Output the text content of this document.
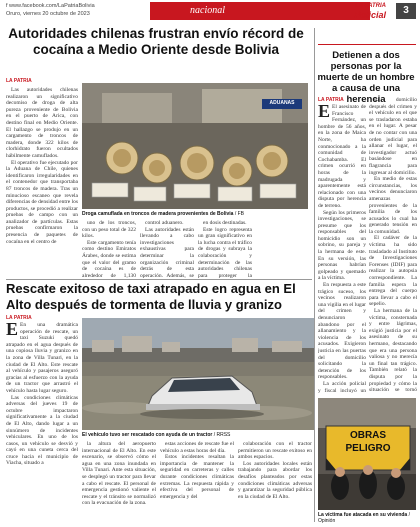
f www.facebook.com/LaPatriaBolivia
Oruro, viernes 20 octubre de 2023	nacional	LA PATRIA
Policial	3
Autoridades chilenas frustran envío récord de cocaína a Medio Oriente desde Bolivia
LA PATRIA

Las autoridades chilenas realizaron un significativo decomiso de droga de alta pureza proveniente de Bolivia en el puerto de Arica, con destino final en Medio Oriente. El hallazgo se produjo en un cargamento de troncos de madera, donde 322 kilos de clorhidrato fueron ocultados hábilmente camuflados.

El operativo fue ejecutado por la Aduana de Chile, quienes identificaron irregularidades en el contenedor que transportaba 87 troncos de madera. Tras un minucioso escaneo que revela diferencias de densidad entre los productos, se procedió a realizar pruebas de campo con un analizador de partículas. Estas pruebas confirmaron la presencia de paquetes de cocaína en el centro de

ADUANAS
Droga camuflada en troncos de madera provenientes de Bolivia / FB

uno de los troncos, con un peso total de 322 kilos.

Este cargamento tenía como destino Emiratos Árabes, donde se estima que el valor del gramo de cocaína es de alrededor de 1,130

control aduanero.

Las autoridades están llevando a cabo investigaciones exhaustivas para determinar la organización criminal detrás de esta operación. Además, se

en dosis destinadas.

Este logro representa un gran significativo en la lucha contra el tráfico de drogas y subraya la colaboración y determinación de las autoridades chilenas para proteger la

Rescate exitoso de taxi atrapado en agua en El Alto después de tormenta de lluvia y granizo
LA PATRIA

E En una dramática operación de rescate, un taxi Suzuki quedó atrapado en el agua después de una copiosa lluvia y granizo en la zona de Villa Tunari, en la ciudad de El Alto. Este rescate al vehículo y pasajeros aseguró gracias al esfuerzo con la ayuda de un tractor que arrastró el vehículo hasta lugar seguro.

Las condiciones climáticas adversas del jueves 19 de octubre impactaron significativamente a la ciudad de El Alto, dando lugar a un sinnúmero de incidentes vehiculares. En uno de los casos, un vehículo se desvió y cayó en una cuneta cerca del cruce hacia el municipio de Viacha, situado a

El vehículo tuvo ser rescatado con ayuda de un tractor / RRSS

la altura del aeropuerto internacional de El Alto. En este escenario, se observó cómo el agua en una zona inundada en Villa Tunari. Ante esta situación, se desplegó un tractor para llevar a cabo el rescate. El personal de emergencia gestionó valiente el rescate y el tránsito se normalizó con la evacuación de la zona.

estas acciones de rescate fue el vehículo a estas horas del día.

Estos incidentes resaltan la importancia de mantener la seguridad en carreteras y calles durante condiciones climáticas extremas. La respuesta rápida y efectiva del personal de emergencia y del

colaboración con el tractor permitieron un rescate exitoso en ambos espacios.

Los autoridades locales están trabajando para abordar los desafíos planteados por estas condiciones climáticas adversas y garantizar la seguridad pública en la ciudad de El Alto.

Detienen a dos personas por la muerte de un hombre a causa de una herencia
LA PATRIA

E El asesinato de Francisco Fernández, un hombre de 56 años, en la zona de Maica Norte, ha conmocionado a la comunidad de Cochabamba. El crimen ocurrió en horas de la madrugada y aparentemente está relacionado con una disputa por herencia de terreno.

Según los primeros investigaciones, se presume que los responsables del homicidio son un sobrino, su pareja y la hermana de este. En su versión, las personas habrían golpeado y quemado a la víctima.

En respuesta a este trágico suceso, los vecinos realizaron una vigilia en el lugar del crimen y denunciaron abandono por el allanamiento y la violencia de los acusados. Exigieron justicia en las puertas del domicilio solicitando la detención de los responsables.

La acción policial y fiscal incluyó un

su domicilio después del crimen y el vehículo en el que se trasladaron estaba en el lugar. A pesar de no contar con una orden judicial para allanar el lugar, el investigador actuó basándose en flagrancia para ingresar al domicilio.

En medio de estas circunstancias, los vecinos denunciaron amenazas provenientes de la familia de los acusados lo cual ha generado tensión en la comunidad.

El cadáver de la víctima ha sido trasladado al Instituto de Investigaciones Forenses (IDIF) para realizar la autopsia correspondiente. La familia espera la entrega del cuerpo para llevar a cabo el sepelio.

La hermana de la víctima, consternada y entre lágrimas, exigió justicia por el asesinato de su hermano, destacando que era una persona valiosa y no merecía un final tan trágico. También relató la disputa por la propiedad y cómo la situación se tornó

OBRAS
PELIGRO
La víctima fue atacada en su vivienda / Opinión
